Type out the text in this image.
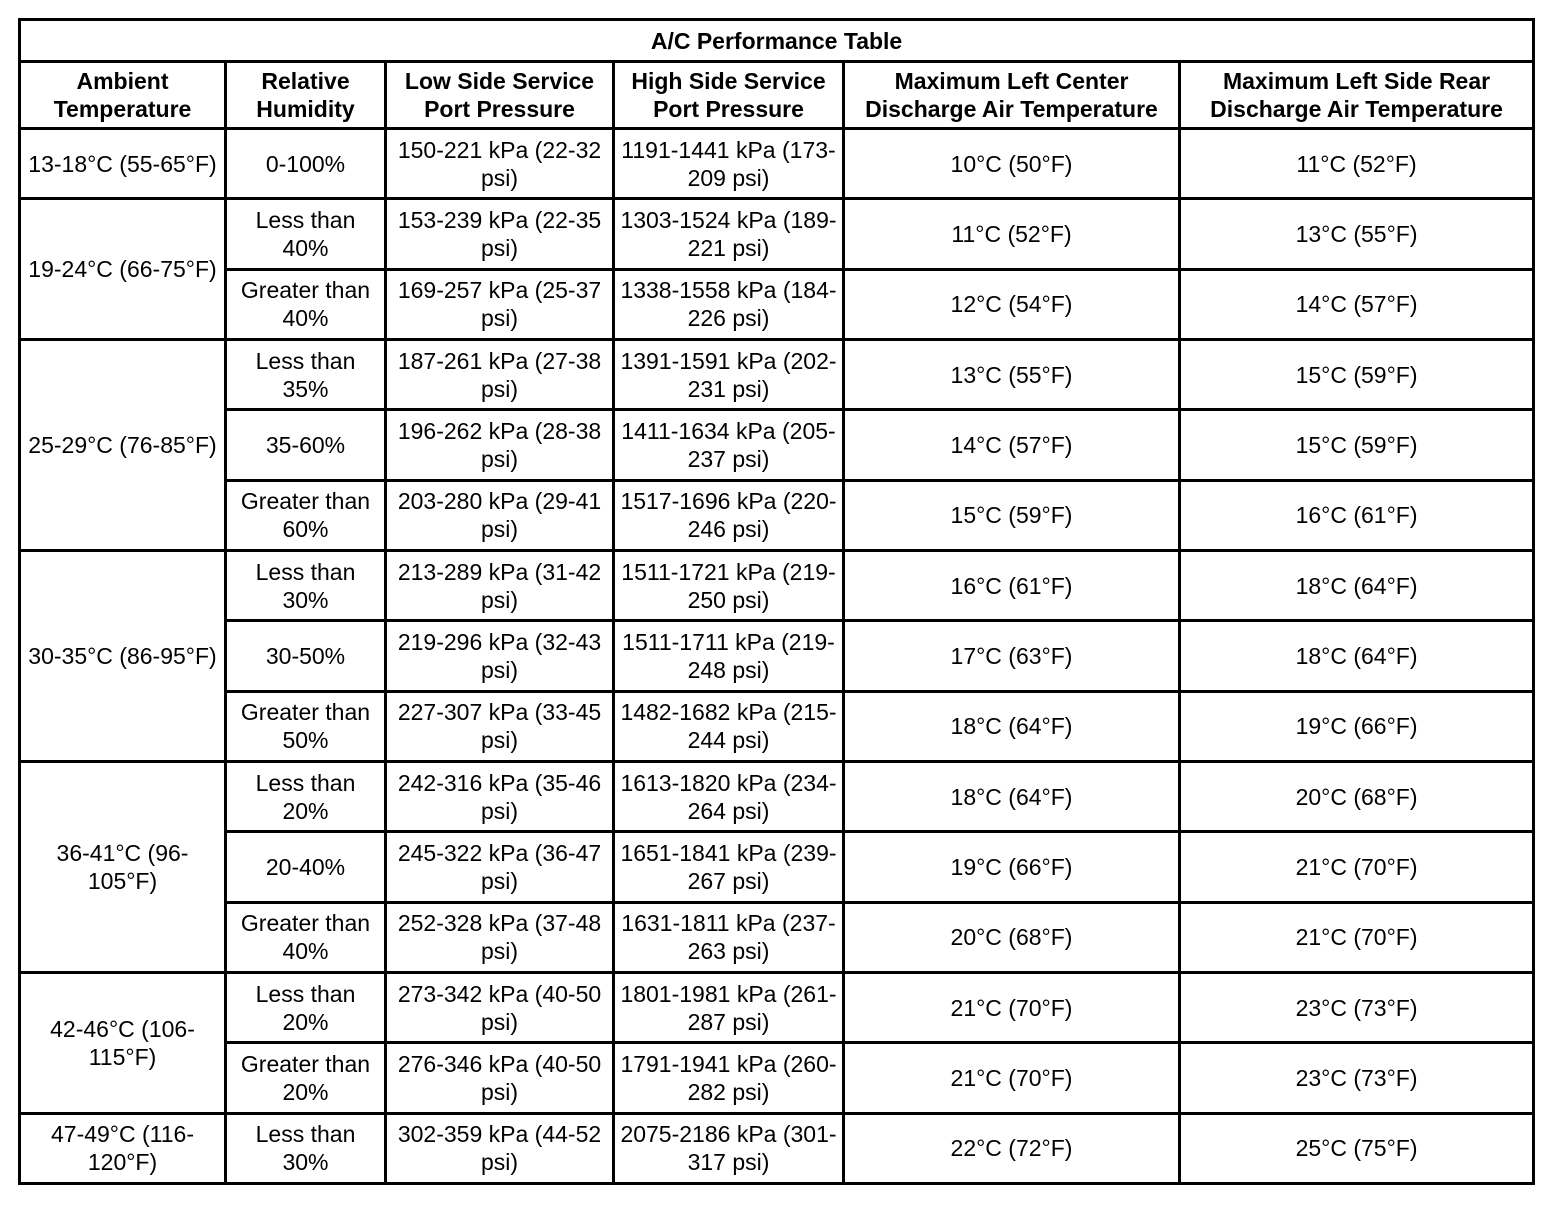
A/C Performance Table					
Ambient Temperature	Relative Humidity	Low Side Service Port Pressure	High Side Service Port Pressure	Maximum Left Center Discharge Air Temperature	Maximum Left Side Rear Discharge Air Temperature
13-18°C (55-65°F)	0-100%	150-221 kPa (22-32 psi)	1191-1441 kPa (173-209 psi)	10°C (50°F)	11°C (52°F)
19-24°C (66-75°F)	Less than 40%	153-239 kPa (22-35 psi)	1303-1524 kPa (189-221 psi)	11°C (52°F)	13°C (55°F)
	Greater than 40%	169-257 kPa (25-37 psi)	1338-1558 kPa (184-226 psi)	12°C (54°F)	14°C (57°F)
25-29°C (76-85°F)	Less than 35%	187-261 kPa (27-38 psi)	1391-1591 kPa (202-231 psi)	13°C (55°F)	15°C (59°F)
	35-60%	196-262 kPa (28-38 psi)	1411-1634 kPa (205-237 psi)	14°C (57°F)	15°C (59°F)
	Greater than 60%	203-280 kPa (29-41 psi)	1517-1696 kPa (220-246 psi)	15°C (59°F)	16°C (61°F)
30-35°C (86-95°F)	Less than 30%	213-289 kPa (31-42 psi)	1511-1721 kPa (219-250 psi)	16°C (61°F)	18°C (64°F)
	30-50%	219-296 kPa (32-43 psi)	1511-1711 kPa (219-248 psi)	17°C (63°F)	18°C (64°F)
	Greater than 50%	227-307 kPa (33-45 psi)	1482-1682 kPa (215-244 psi)	18°C (64°F)	19°C (66°F)
36-41°C (96-105°F)	Less than 20%	242-316 kPa (35-46 psi)	1613-1820 kPa (234-264 psi)	18°C (64°F)	20°C (68°F)
	20-40%	245-322 kPa (36-47 psi)	1651-1841 kPa (239-267 psi)	19°C (66°F)	21°C (70°F)
	Greater than 40%	252-328 kPa (37-48 psi)	1631-1811 kPa (237-263 psi)	20°C (68°F)	21°C (70°F)
42-46°C (106-115°F)	Less than 20%	273-342 kPa (40-50 psi)	1801-1981 kPa (261-287 psi)	21°C (70°F)	23°C (73°F)
	Greater than 20%	276-346 kPa (40-50 psi)	1791-1941 kPa (260-282 psi)	21°C (70°F)	23°C (73°F)
47-49°C (116-120°F)	Less than 30%	302-359 kPa (44-52 psi)	2075-2186 kPa (301-317 psi)	22°C (72°F)	25°C (75°F)
